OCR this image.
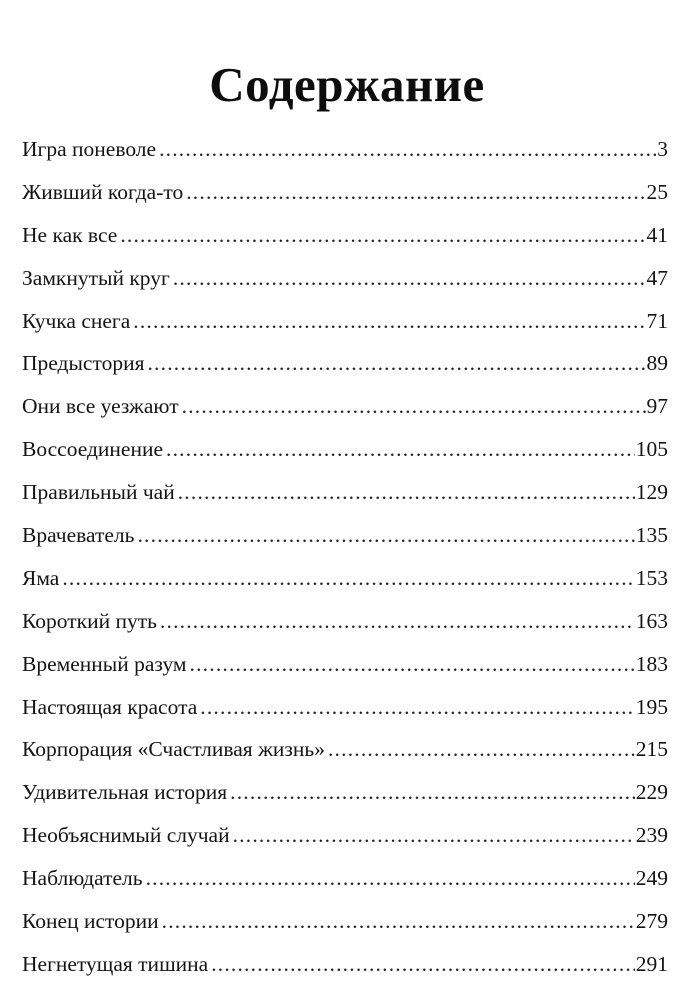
Содержание
Игра поневоле .....	3
Живший когда-то .....	25
Не как все .....	41
Замкнутый круг .....	47
Кучка снега .....	71
Предыстория .....	89
Они все уезжают .....	97
Воссоединение .....	105
Правильный чай .....	129
Врачеватель .....	135
Яма .....	153
Короткий путь .....	163
Временный разум .....	183
Настоящая красота .....	195
Корпорация «Счастливая жизнь» .....	215
Удивительная история .....	229
Необъяснимый случай .....	239
Наблюдатель .....	249
Конец истории .....	279
Негнетущая тишина .....	291
